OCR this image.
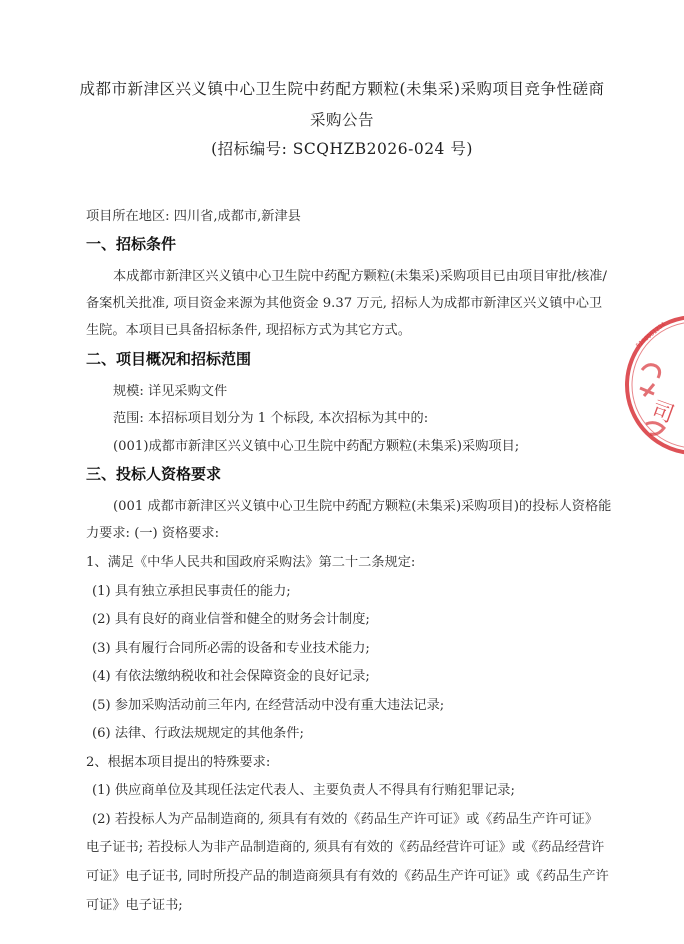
成都市新津区兴义镇中心卫生院中药配方颗粒(未集采)采购项目竞争性磋商
采购公告
(招标编号: SCQHZB2026-024 号)
项目所在地区: 四川省,成都市,新津县
一、招标条件
本成都市新津区兴义镇中心卫生院中药配方颗粒(未集采)采购项目已由项目审批/核准/
备案机关批准, 项目资金来源为其他资金 9.37 万元, 招标人为成都市新津区兴义镇中心卫
生院。本项目已具备招标条件, 现招标方式为其它方式。
二、项目概况和招标范围
规模: 详见采购文件
范围: 本招标项目划分为 1 个标段, 本次招标为其中的:
(001)成都市新津区兴义镇中心卫生院中药配方颗粒(未集采)采购项目;
三、投标人资格要求
(001 成都市新津区兴义镇中心卫生院中药配方颗粒(未集采)采购项目)的投标人资格能
力要求: (一) 资格要求:
1、满足《中华人民共和国政府采购法》第二十二条规定:
(1) 具有独立承担民事责任的能力;
(2) 具有良好的商业信誉和健全的财务会计制度;
(3) 具有履行合同所必需的设备和专业技术能力;
(4) 有依法缴纳税收和社会保障资金的良好记录;
(5) 参加采购活动前三年内, 在经营活动中没有重大违法记录;
(6) 法律、行政法规规定的其他条件;
2、根据本项目提出的特殊要求:
(1) 供应商单位及其现任法定代表人、主要负责人不得具有行贿犯罪记录;
(2) 若投标人为产品制造商的, 须具有有效的《药品生产许可证》或《药品生产许可证》
电子证书; 若投标人为非产品制造商的, 须具有有效的《药品经营许可证》或《药品经营许
可证》电子证书, 同时所投产品的制造商须具有有效的《药品生产许可证》或《药品生产许
可证》电子证书;
5108001234
司
